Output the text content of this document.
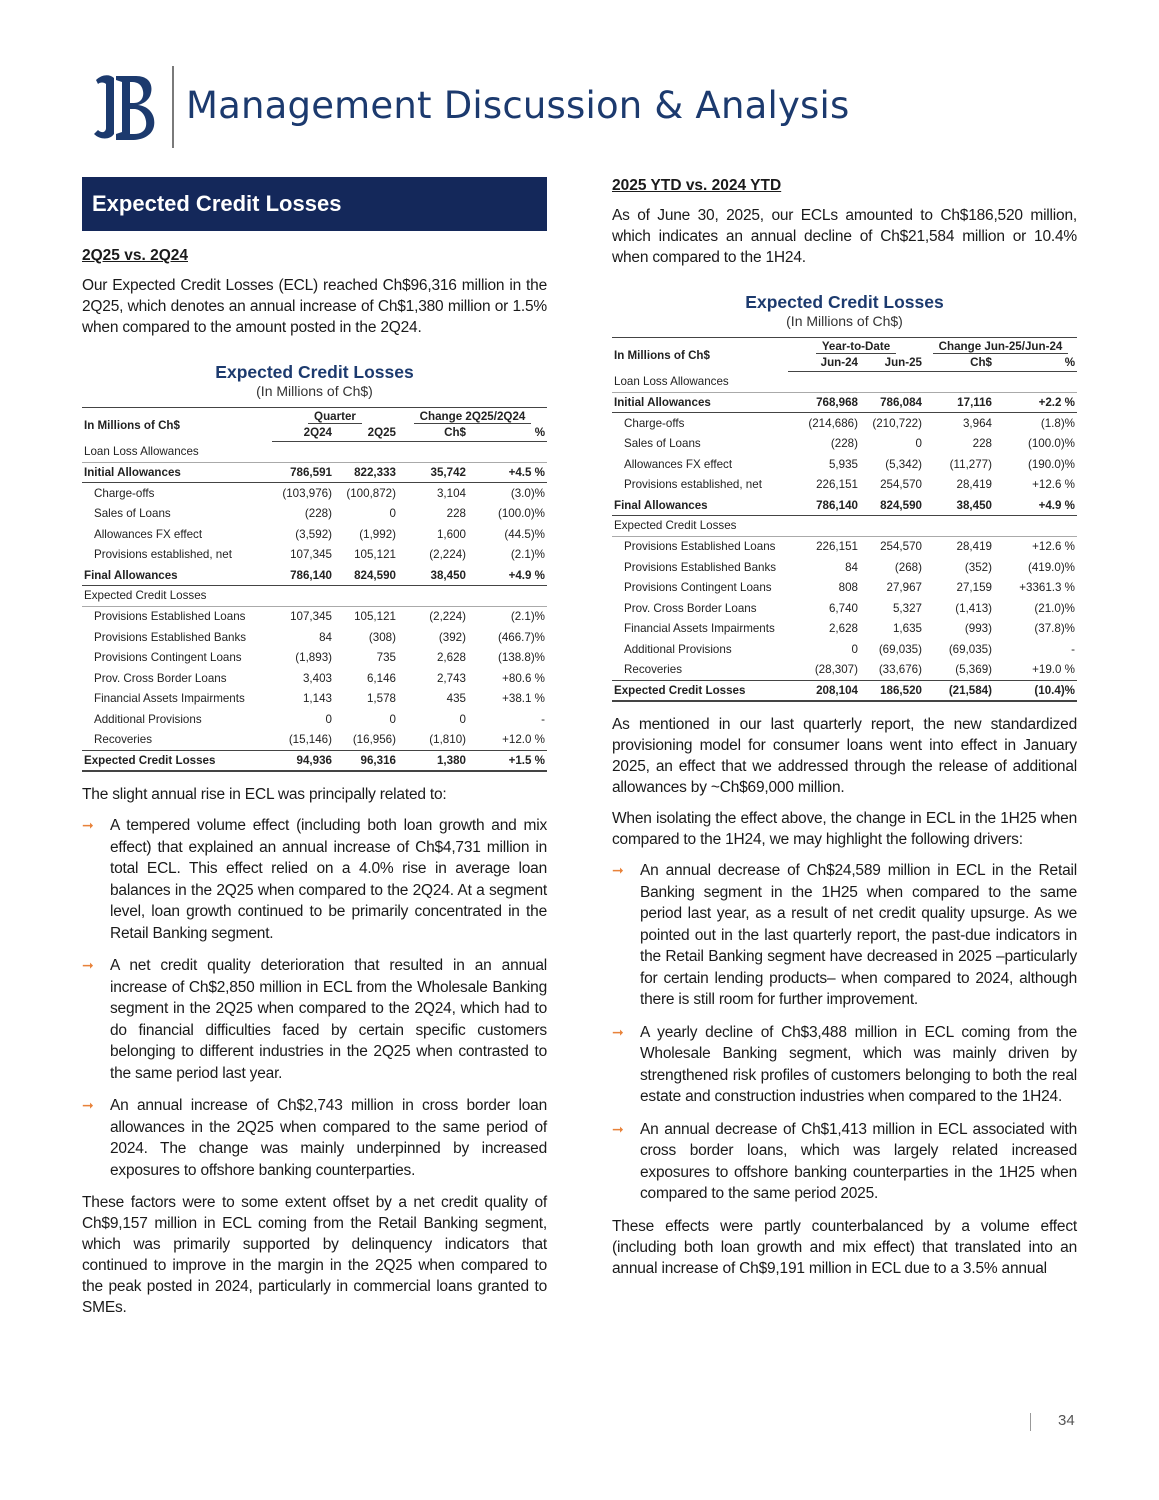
Management Discussion & Analysis
Expected Credit Losses
2Q25 vs. 2Q24

Our Expected Credit Losses (ECL) reached Ch$96,316 million in the 2Q25, which denotes an annual increase of Ch$1,380 million or 1.5% when compared to the amount posted in the 2Q24.

Expected Credit Losses
(In Millions of Ch$)
In Millions of Ch$	Quarter		Change 2Q25/2Q24	
	2Q24	2Q25	Ch$	%
Loan Loss Allowances				
Initial Allowances	786,591	822,333	35,742	+4.5 %
Charge-offs	(103,976)	(100,872)	3,104	(3.0)%
Sales of Loans	(228)	0	228	(100.0)%
Allowances FX effect	(3,592)	(1,992)	1,600	(44.5)%
Provisions established, net	107,345	105,121	(2,224)	(2.1)%
Final Allowances	786,140	824,590	38,450	+4.9 %
Expected Credit Losses				
Provisions Established Loans	107,345	105,121	(2,224)	(2.1)%
Provisions Established Banks	84	(308)	(392)	(466.7)%
Provisions Contingent Loans	(1,893)	735	2,628	(138.8)%
Prov. Cross Border Loans	3,403	6,146	2,743	+80.6 %
Financial Assets Impairments	1,143	1,578	435	+38.1 %
Additional Provisions	0	0	0	-
Recoveries	(15,146)	(16,956)	(1,810)	+12.0 %
Expected Credit Losses	94,936	96,316	1,380	+1.5 %

The slight annual rise in ECL was principally related to:

➞ A tempered volume effect (including both loan growth and mix effect) that explained an annual increase of Ch$4,731 million in total ECL. This effect relied on a 4.0% rise in average loan balances in the 2Q25 when compared to the 2Q24. At a segment level, loan growth continued to be primarily concentrated in the Retail Banking segment.
➞ A net credit quality deterioration that resulted in an annual increase of Ch$2,850 million in ECL from the Wholesale Banking segment in the 2Q25 when compared to the 2Q24, which had to do financial difficulties faced by certain specific customers belonging to different industries in the 2Q25 when contrasted to the same period last year.
➞ An annual increase of Ch$2,743 million in cross border loan allowances in the 2Q25 when compared to the same period of 2024. The change was mainly underpinned by increased exposures to offshore banking counterparties.

These factors were to some extent offset by a net credit quality of Ch$9,157 million in ECL coming from the Retail Banking segment, which was primarily supported by delinquency indicators that continued to improve in the margin in the 2Q25 when compared to the peak posted in 2024, particularly in commercial loans granted to SMEs.

2025 YTD vs. 2024 YTD

As of June 30, 2025, our ECLs amounted to Ch$186,520 million, which indicates an annual decline of Ch$21,584 million or 10.4% when compared to the 1H24.

Expected Credit Losses
(In Millions of Ch$)
In Millions of Ch$	Year-to-Date		Change Jun-25/Jun-24	
	Jun-24	Jun-25	Ch$	%
Loan Loss Allowances				
Initial Allowances	768,968	786,084	17,116	+2.2 %
Charge-offs	(214,686)	(210,722)	3,964	(1.8)%
Sales of Loans	(228)	0	228	(100.0)%
Allowances FX effect	5,935	(5,342)	(11,277)	(190.0)%
Provisions established, net	226,151	254,570	28,419	+12.6 %
Final Allowances	786,140	824,590	38,450	+4.9 %
Expected Credit Losses				
Provisions Established Loans	226,151	254,570	28,419	+12.6 %
Provisions Established Banks	84	(268)	(352)	(419.0)%
Provisions Contingent Loans	808	27,967	27,159	+3361.3 %
Prov. Cross Border Loans	6,740	5,327	(1,413)	(21.0)%
Financial Assets Impairments	2,628	1,635	(993)	(37.8)%
Additional Provisions	0	(69,035)	(69,035)	-
Recoveries	(28,307)	(33,676)	(5,369)	+19.0 %
Expected Credit Losses	208,104	186,520	(21,584)	(10.4)%

As mentioned in our last quarterly report, the new standardized provisioning model for consumer loans went into effect in January 2025, an effect that we addressed through the release of additional allowances by ~Ch$69,000 million.

When isolating the effect above, the change in ECL in the 1H25 when compared to the 1H24, we may highlight the following drivers:

➞ An annual decrease of Ch$24,589 million in ECL in the Retail Banking segment in the 1H25 when compared to the same period last year, as a result of net credit quality upsurge. As we pointed out in the last quarterly report, the past-due indicators in the Retail Banking segment have decreased in 2025 –particularly for certain lending products– when compared to 2024, although there is still room for further improvement.
➞ A yearly decline of Ch$3,488 million in ECL coming from the Wholesale Banking segment, which was mainly driven by strengthened risk profiles of customers belonging to both the real estate and construction industries when compared to the 1H24.
➞ An annual decrease of Ch$1,413 million in ECL associated with cross border loans, which was largely related increased exposures to offshore banking counterparties in the 1H25 when compared to the same period 2025.

These effects were partly counterbalanced by a volume effect (including both loan growth and mix effect) that translated into an annual increase of Ch$9,191 million in ECL due to a 3.5% annual

34
